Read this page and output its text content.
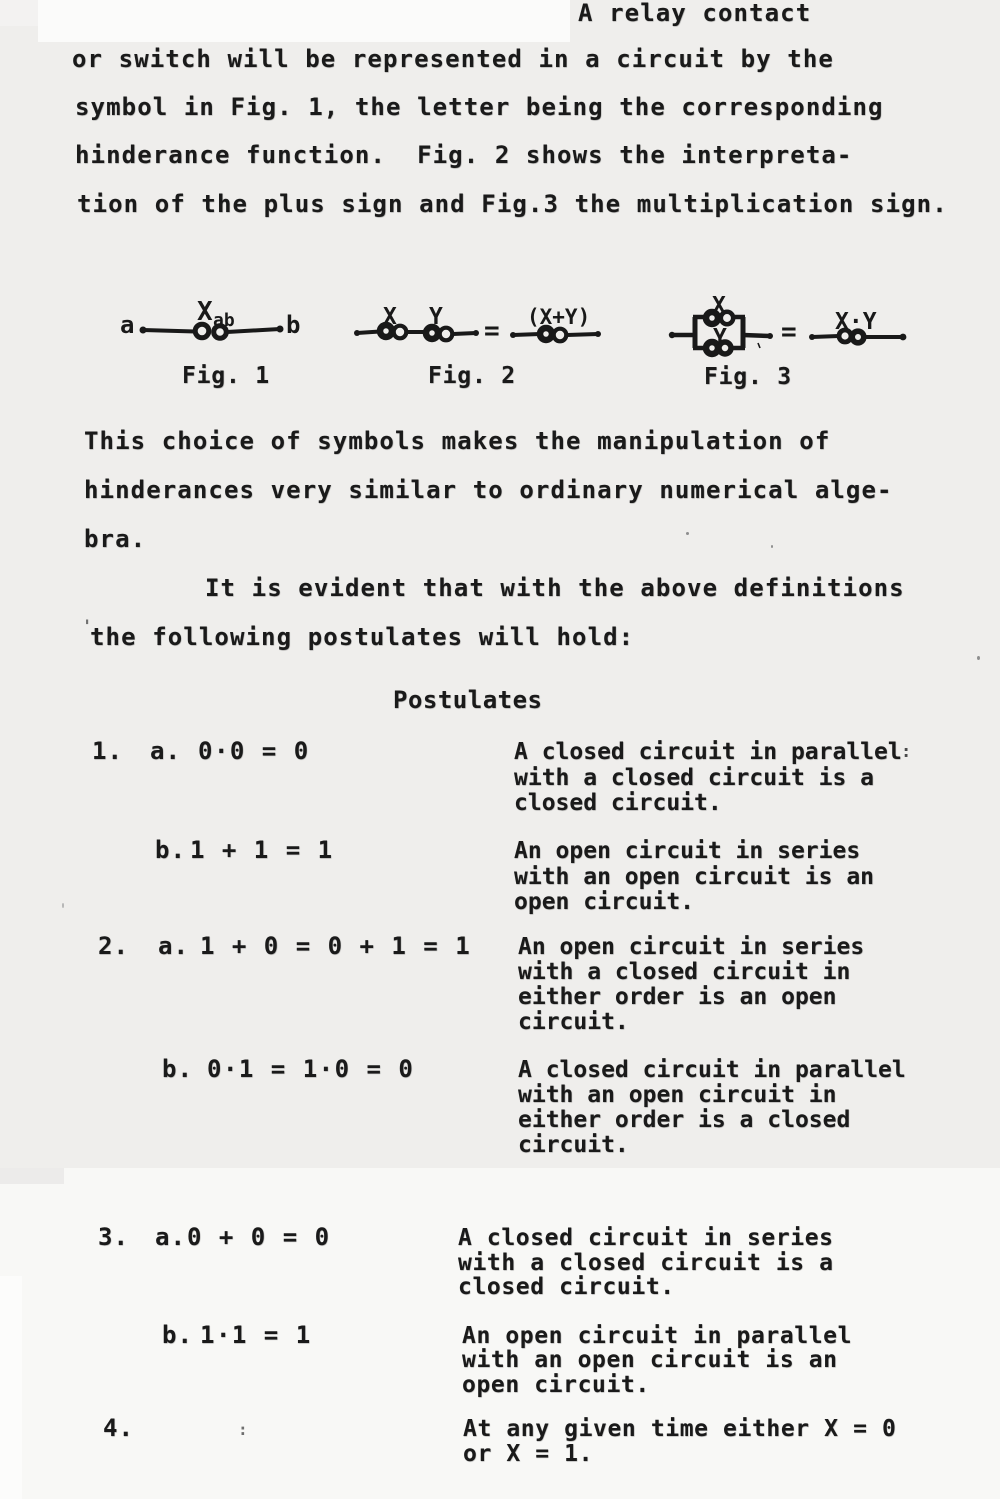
A relay contact
or switch will be represented in a circuit by the
symbol in Fig. 1, the letter being the corresponding
hinderance function.  Fig. 2 shows the interpreta-
tion of the plus sign and Fig.3 the multiplication sign.
a	b
X ab
Fig. 1
X Y = (X+Y)
Fig. 2
X
Y = X·Y
Fig. 3
This choice of symbols makes the manipulation of
hinderances very similar to ordinary numerical alge-
bra.
It is evident that with the above definitions
the following postulates will hold:
Postulates
1. a. 0·0 = 0	A closed circuit in parallel
with a closed circuit is a
closed circuit.
b. 1 + 1 = 1	An open circuit in series
with an open circuit is an
open circuit.
2. a. 1 + 0 = 0 + 1 = 1 An open circuit in series
with a closed circuit in
either order is an open
circuit.
b. 0·1 = 1·0 = 0	A closed circuit in parallel
with an open circuit in
either order is a closed
circuit.
3. a. 0 + 0 = 0	A closed circuit in series
with a closed circuit is a
closed circuit.
b. 1·1 = 1	An open circuit in parallel
with an open circuit is an
open circuit.
4.	At any given time either X = 0
or X = 1.
'
:
:
